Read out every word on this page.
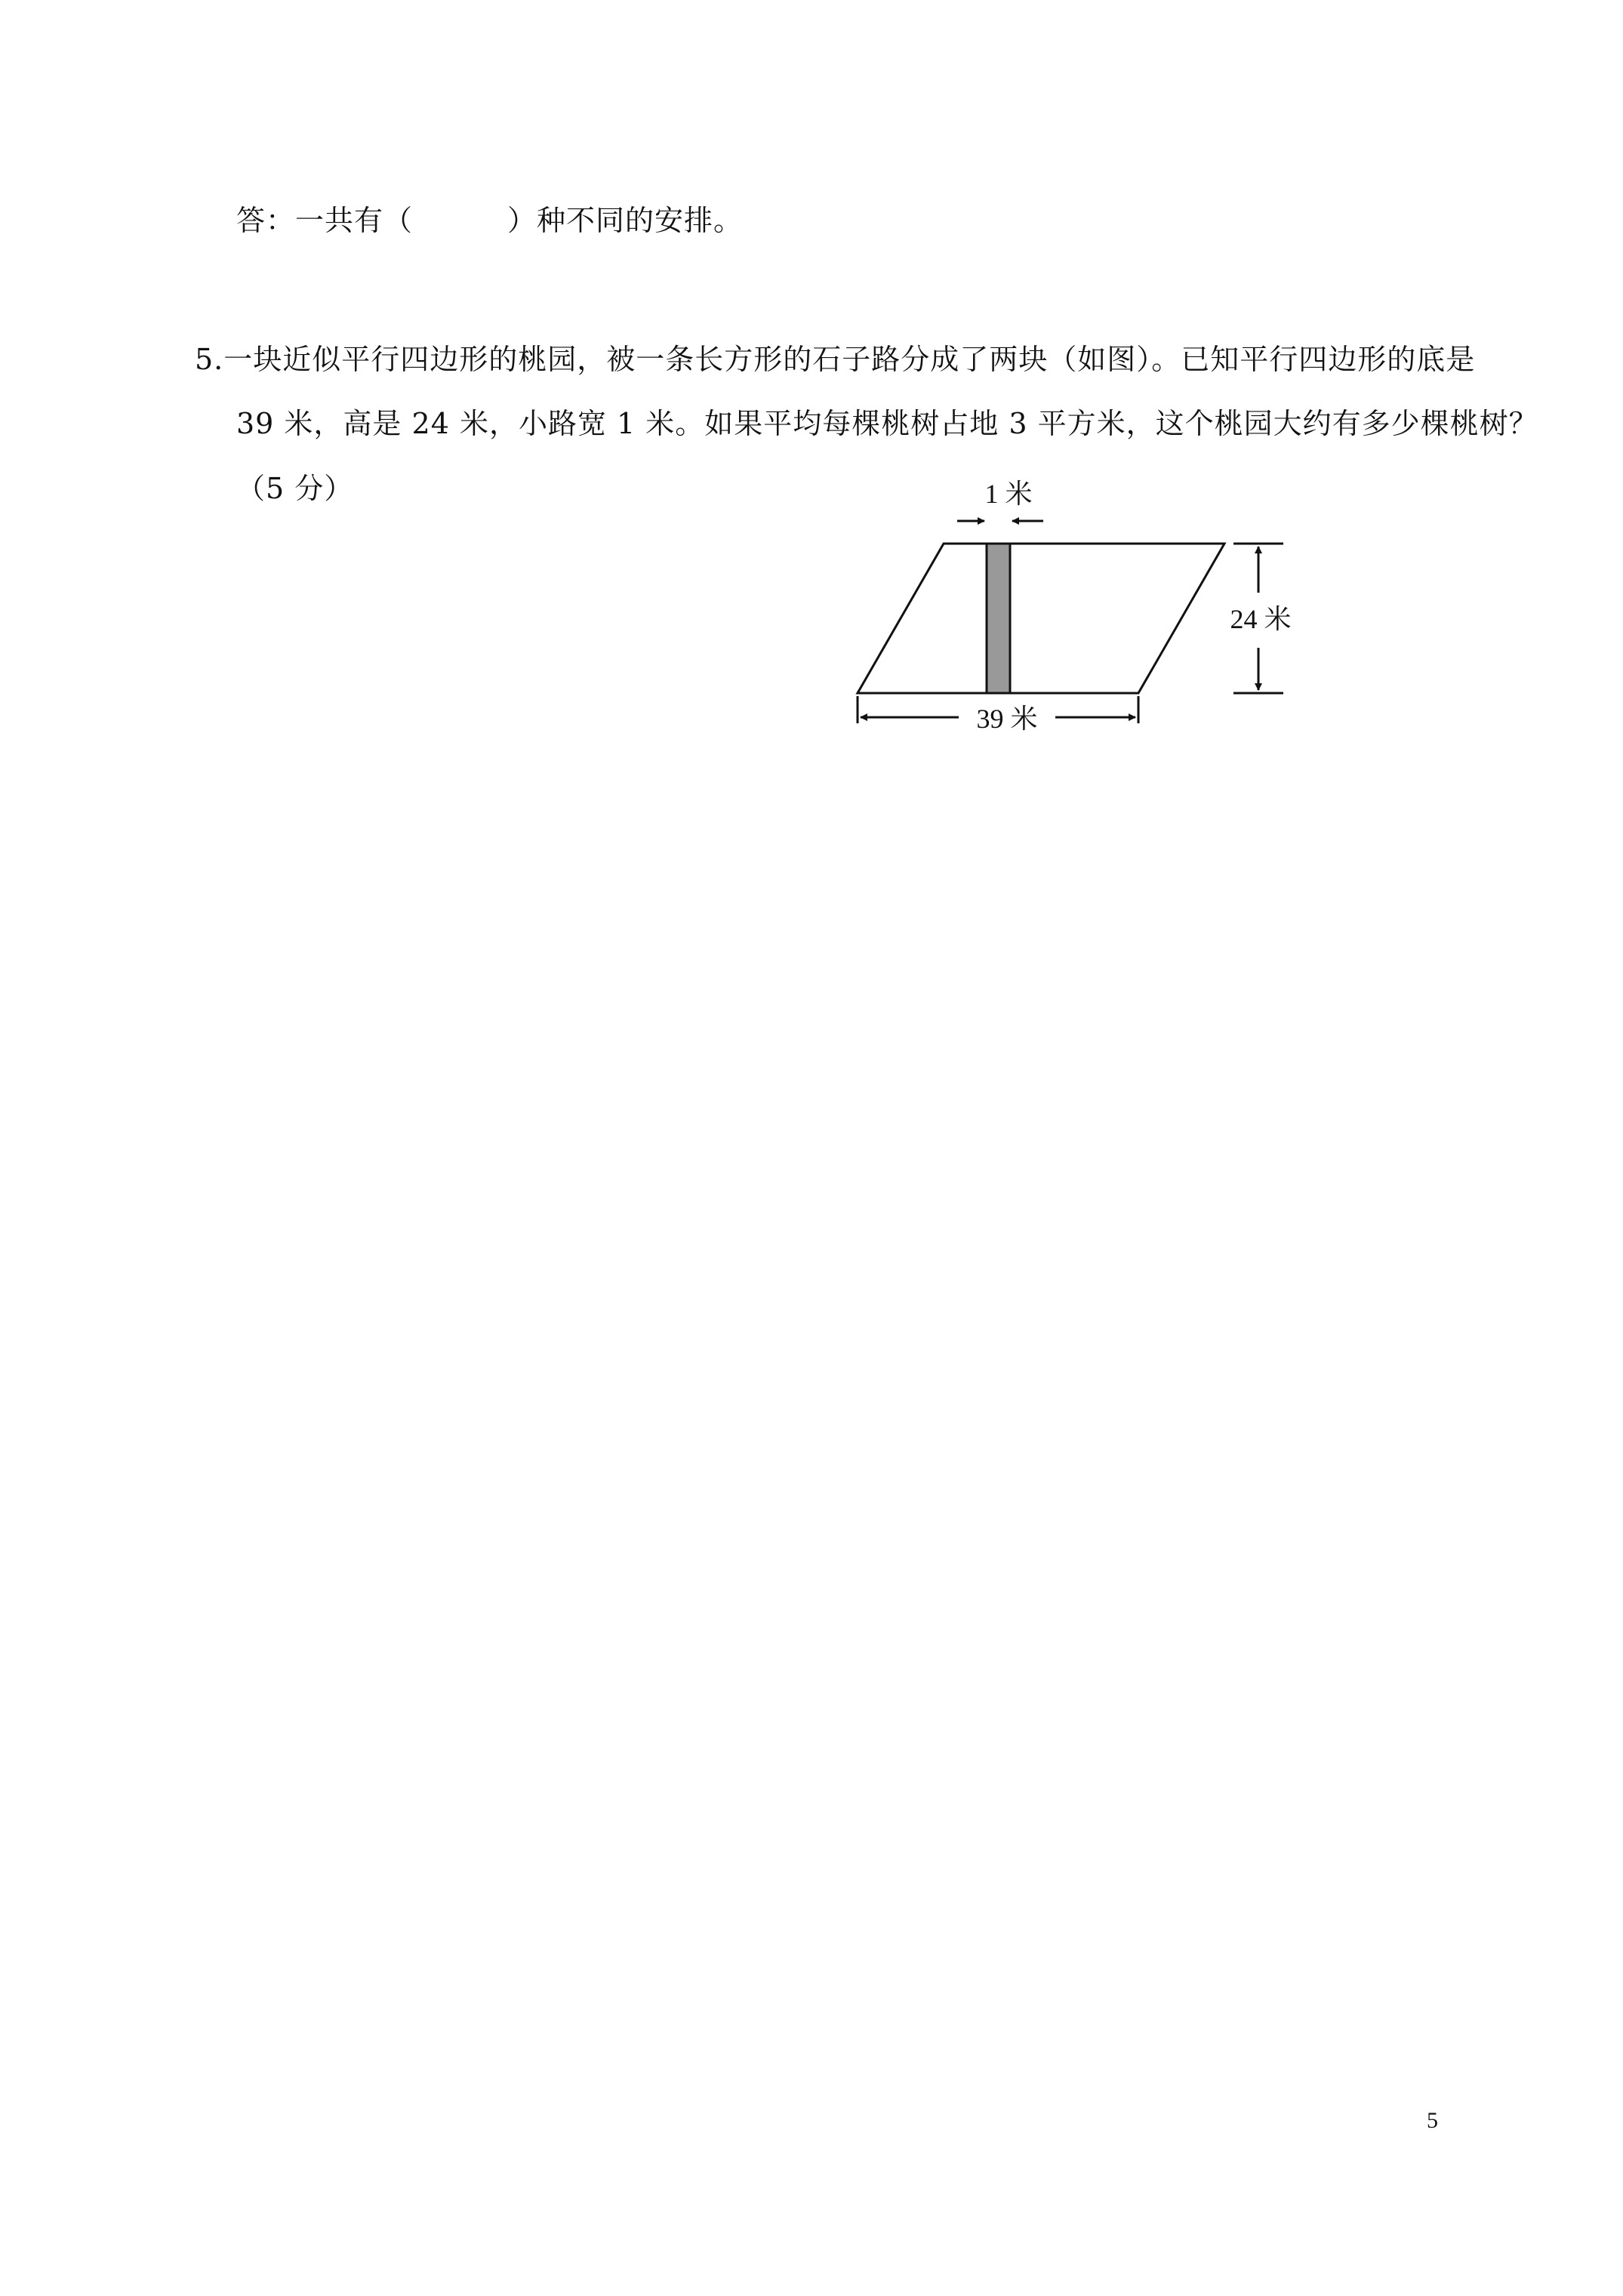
答：一共有（	）种不同的安排。
5.一块近似平行四边形的桃园，被一条长方形的石子路分成了两块（如图）。已知平行四边形的底是
39 米，高是 24 米，小路宽 1 米。如果平均每棵桃树占地 3 平方米，这个桃园大约有多少棵桃树？
（5 分）	1 米
24 米
39 米
5
